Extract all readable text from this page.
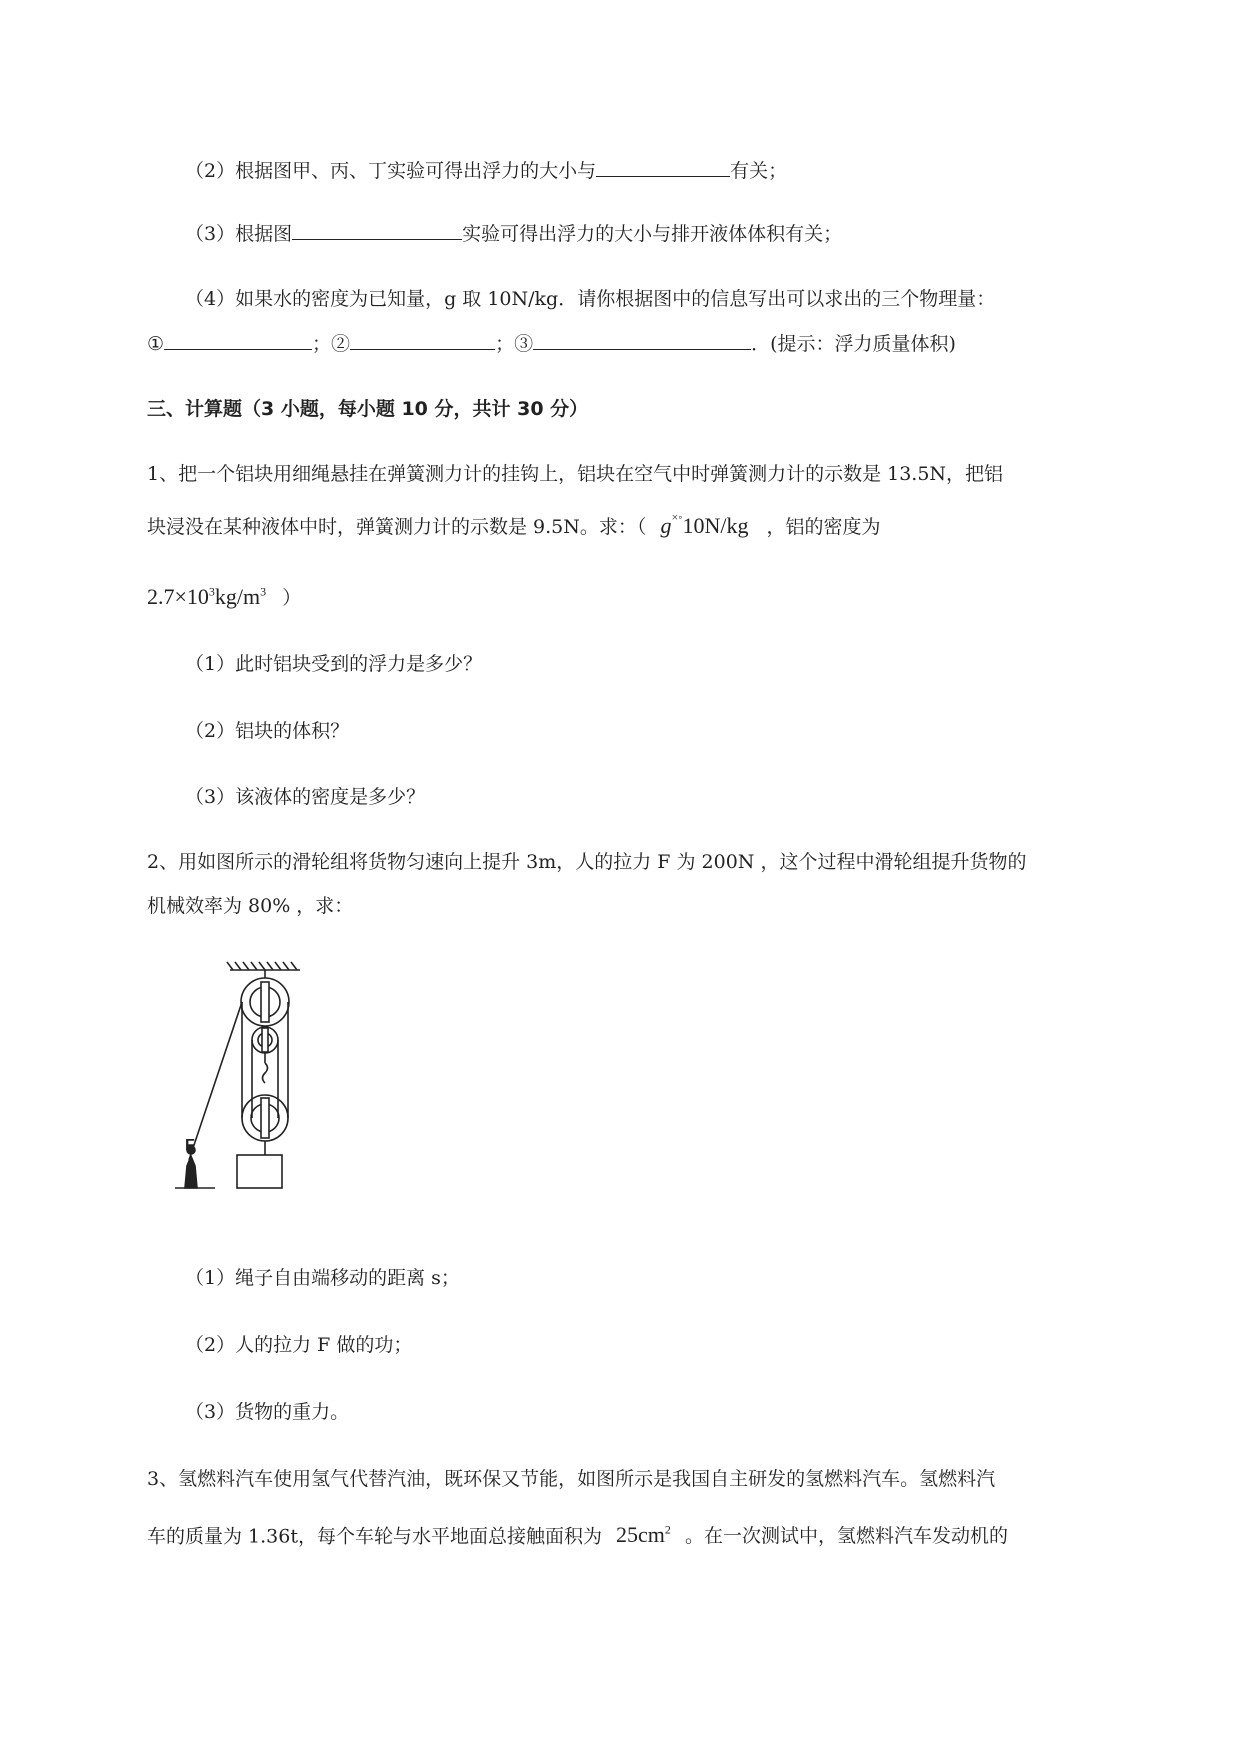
（2）根据图甲、丙、丁实验可得出浮力的大小与	有关；
（3）根据图	实验可得出浮力的大小与排开液体体积有关；
（4）如果水的密度为已知量，g 取 10N/kg．请你根据图中的信息写出可以求出的三个物理量：
①	；②	；③	．(提示：浮力质量体积)
三、计算题（3 小题，每小题 10 分，共计 30 分）
1、把一个铝块用细绳悬挂在弹簧测力计的挂钩上，铝块在空气中时弹簧测力计的示数是 13.5N，把铝
块浸没在某种液体中时，弹簧测力计的示数是 9.5N。求：（ g×◦10N/kg ，铝的密度为
$2.7\times 10^3kg/m^3$ ）
（1）此时铝块受到的浮力是多少？
（2）铝块的体积？
（3）该液体的密度是多少？
2、用如图所示的滑轮组将货物匀速向上提升 3m，人的拉力 F 为 200N ，这个过程中滑轮组提升货物的
机械效率为 80% ，求：
F
（1）绳子自由端移动的距离 s；
（2）人的拉力 F 做的功；
（3）货物的重力。
3、氢燃料汽车使用氢气代替汽油，既环保又节能，如图所示是我国自主研发的氢燃料汽车。氢燃料汽
车的质量为 1.36t，每个车轮与水平地面总接触面积为 $25cm^2$ 。在一次测试中，氢燃料汽车发动机的
